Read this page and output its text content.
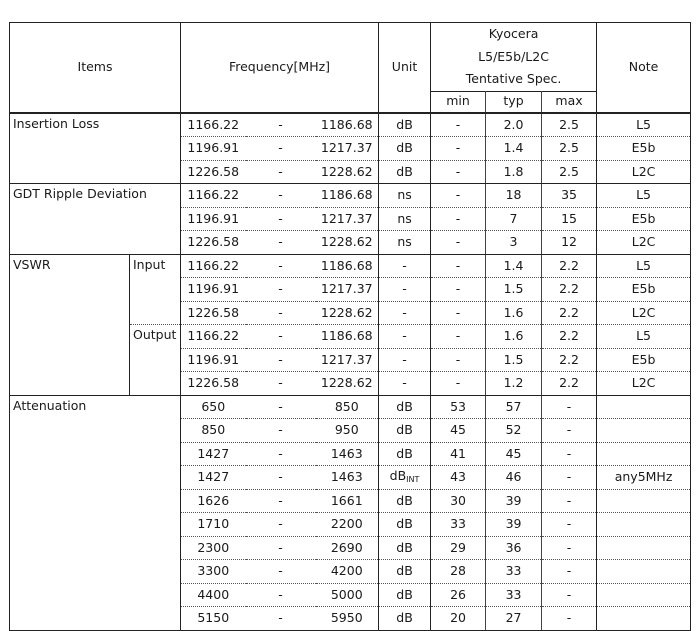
Items		Frequency[MHz]			Unit	Kyocera			Note
						L5/E5b/L2C			
						Tentative Spec.			
						min	typ	max	
Insertion Loss		1166.22	-	1186.68	dB	-	2.0	2.5	L5
		1196.91	-	1217.37	dB	-	1.4	2.5	E5b
		1226.58	-	1228.62	dB	-	1.8	2.5	L2C
GDT Ripple Deviation		1166.22	-	1186.68	ns	-	18	35	L5
		1196.91	-	1217.37	ns	-	7	15	E5b
		1226.58	-	1228.62	ns	-	3	12	L2C
VSWR	Input	1166.22	-	1186.68	-	-	1.4	2.2	L5
		1196.91	-	1217.37	-	-	1.5	2.2	E5b
		1226.58	-	1228.62	-	-	1.6	2.2	L2C
	Output	1166.22	-	1186.68	-	-	1.6	2.2	L5
		1196.91	-	1217.37	-	-	1.5	2.2	E5b
		1226.58	-	1228.62	-	-	1.2	2.2	L2C
Attenuation		650	-	850	dB	53	57	-	
		850	-	950	dB	45	52	-	
		1427	-	1463	dB	41	45	-	
		1427	-	1463	$dB_{INT}$	43	46	-	any5MHz
		1626	-	1661	dB	30	39	-	
		1710	-	2200	dB	33	39	-	
		2300	-	2690	dB	29	36	-	
		3300	-	4200	dB	28	33	-	
		4400	-	5000	dB	26	33	-	
		5150	-	5950	dB	20	27	-	
